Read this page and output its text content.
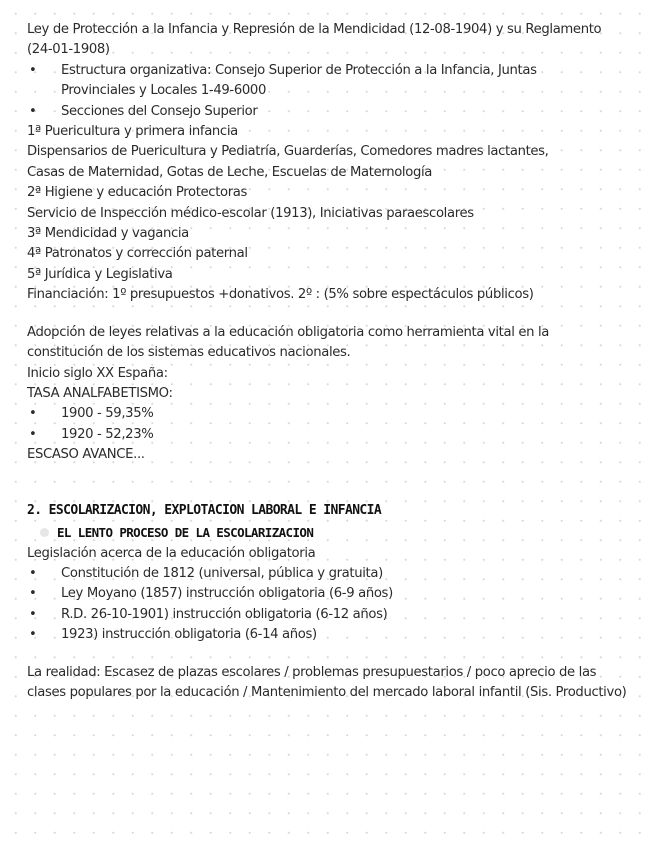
Ley de Protección a la Infancia y Represión de la Mendicidad (12-08-1904) y su Reglamento (24-01-1908)
•	Estructura organizativa: Consejo Superior de Protección a la Infancia, Juntas Provinciales y Locales 1-49-6000
•	Secciones del Consejo Superior
1ª Puericultura y primera infancia
Dispensarios de Puericultura y Pediatría, Guarderías, Comedores madres lactantes, Casas de Maternidad, Gotas de Leche, Escuelas de Maternología
2ª Higiene y educación Protectoras
Servicio de Inspección médico-escolar (1913), Iniciativas paraescolares
3ª Mendicidad y vagancia
4ª Patronatos y corrección paternal
5ª Jurídica y Legislativa
Financiación: 1º presupuestos +donativos. 2º : (5% sobre espectáculos públicos)
Adopción de leyes relativas a la educación obligatoria como herramienta vital en la constitución de los sistemas educativos nacionales.
Inicio siglo XX España:
TASA ANALFABETISMO:
•	1900 - 59,35%
•	1920 - 52,23%
ESCASO AVANCE...
2. ESCOLARIZACION, EXPLOTACION LABORAL E INFANCIA
EL LENTO PROCESO DE LA ESCOLARIZACION
Legislación acerca de la educación obligatoria
•	Constitución de 1812 (universal, pública y gratuita)
•	Ley Moyano (1857) instrucción obligatoria (6-9 años)
•	R.D. 26-10-1901) instrucción obligatoria (6-12 años)
•	1923) instrucción obligatoria (6-14 años)
La realidad: Escasez de plazas escolares / problemas presupuestarios / poco aprecio de las clases populares por la educación / Mantenimiento del mercado laboral infantil (Sis. Productivo)
